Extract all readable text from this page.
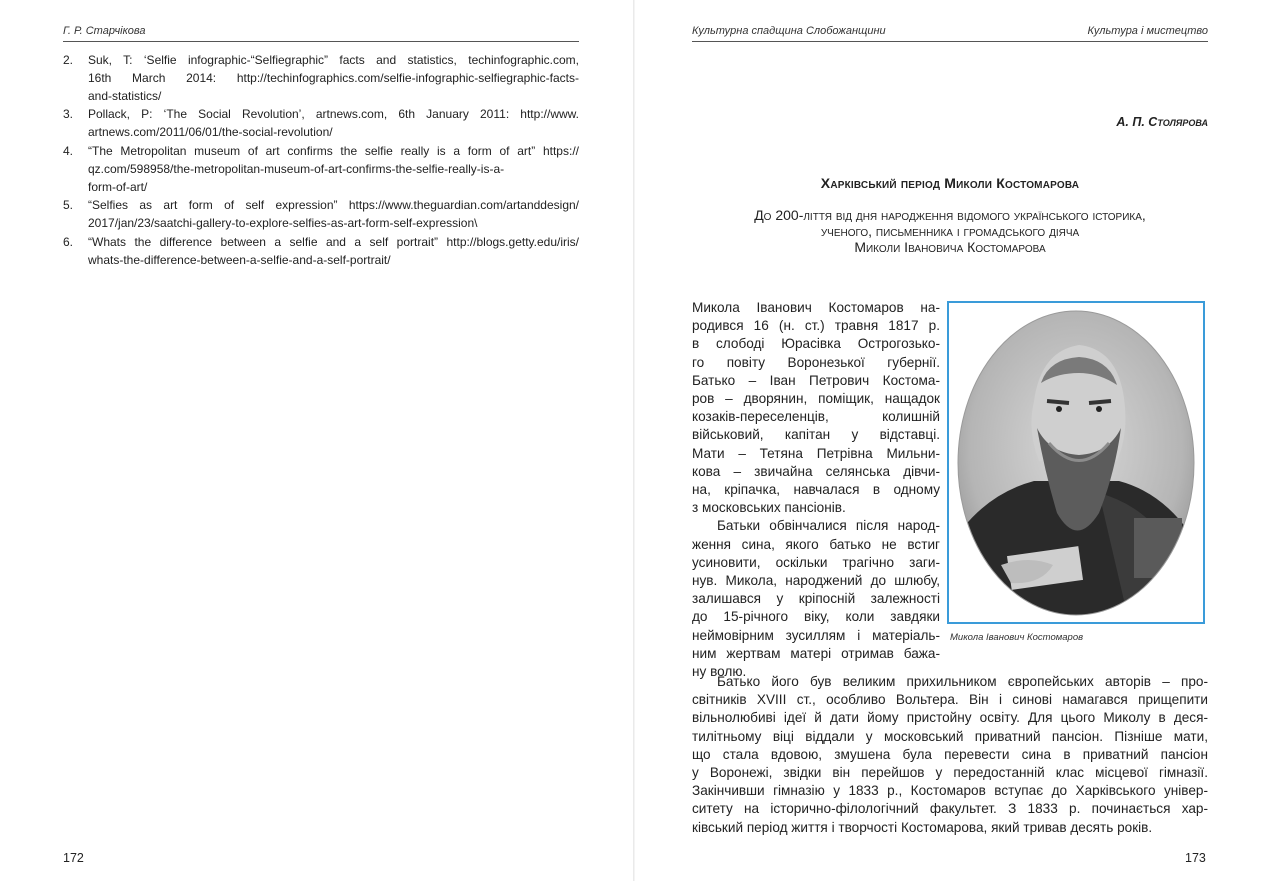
Г. Р. Старчікова
2. Suk, T: ‘Selfie infographic-“Selfiegraphic” facts and statistics, techinfographic.com,
16th March 2014: http://techinfographics.com/selfie-infographic-selfiegraphic-facts-
and-statistics/
3. Pollack, P: ‘The Social Revolution’, artnews.com, 6th January 2011: http://www.
artnews.com/2011/06/01/the-social-revolution/
4. “The Metropolitan museum of art confirms the selfie really is a form of art” https://
qz.com/598958/the-metropolitan-museum-of-art-confirms-the-selfie-really-is-a-
form-of-art/
5. “Selfies as art form of self expression” https://www.theguardian.com/artanddesign/
2017/jan/23/saatchi-gallery-to-explore-selfies-as-art-form-self-expression\
6. “Whats the difference between a selfie and a self portrait” http://blogs.getty.edu/iris/
whats-the-difference-between-a-selfie-and-a-self-portrait/
172
Культурна спадщина Слобожанщини	Культура і мистецтво
А. П. Столярова
Харківський період Миколи Костомарова
До 200-ліття від дня народження відомого українського історика,
ученого, письменника і громадського діяча
Миколи Івановича Костомарова
Микола Іванович Костомаров
Микола Іванович Костомаров на-
родився 16 (н. ст.) травня 1817 р.
в слободі Юрасівка Острогозько-
го повіту Воронезької губернії.
Батько – Іван Петрович Костома-
ров – дворянин, поміщик, нащадок
козаків-переселенців, колишній
військовий, капітан у відставці.
Мати – Тетяна Петрівна Мильни-
кова – звичайна селянська дівчи-
на, кріпачка, навчалася в одному
з московських пансіонів.
Батьки обвінчалися після народ-
ження сина, якого батько не встиг
усиновити, оскільки трагічно заги-
нув. Микола, народжений до шлюбу,
залишався у кріпосній залежності
до 15-річного віку, коли завдяки
неймовірним зусиллям і матеріаль-
ним жертвам матері отримав бажа-
ну волю.
Батько його був великим прихильником європейських авторів – про-
світників XVIII ст., особливо Вольтера. Він і синові намагався прищепити
вільнолюбиві ідеї й дати йому пристойну освіту. Для цього Миколу в деся-
тилітньому віці віддали у московський приватний пансіон. Пізніше мати,
що стала вдовою, змушена була перевести сина в приватний пансіон
у Воронежі, звідки він перейшов у передостанній клас місцевої гімназії.
Закінчивши гімназію у 1833 р., Костомаров вступає до Харківського універ-
ситету на історично-філологічний факультет. З 1833 р. починається хар-
ківський період життя і творчості Костомарова, який тривав десять років.
173
